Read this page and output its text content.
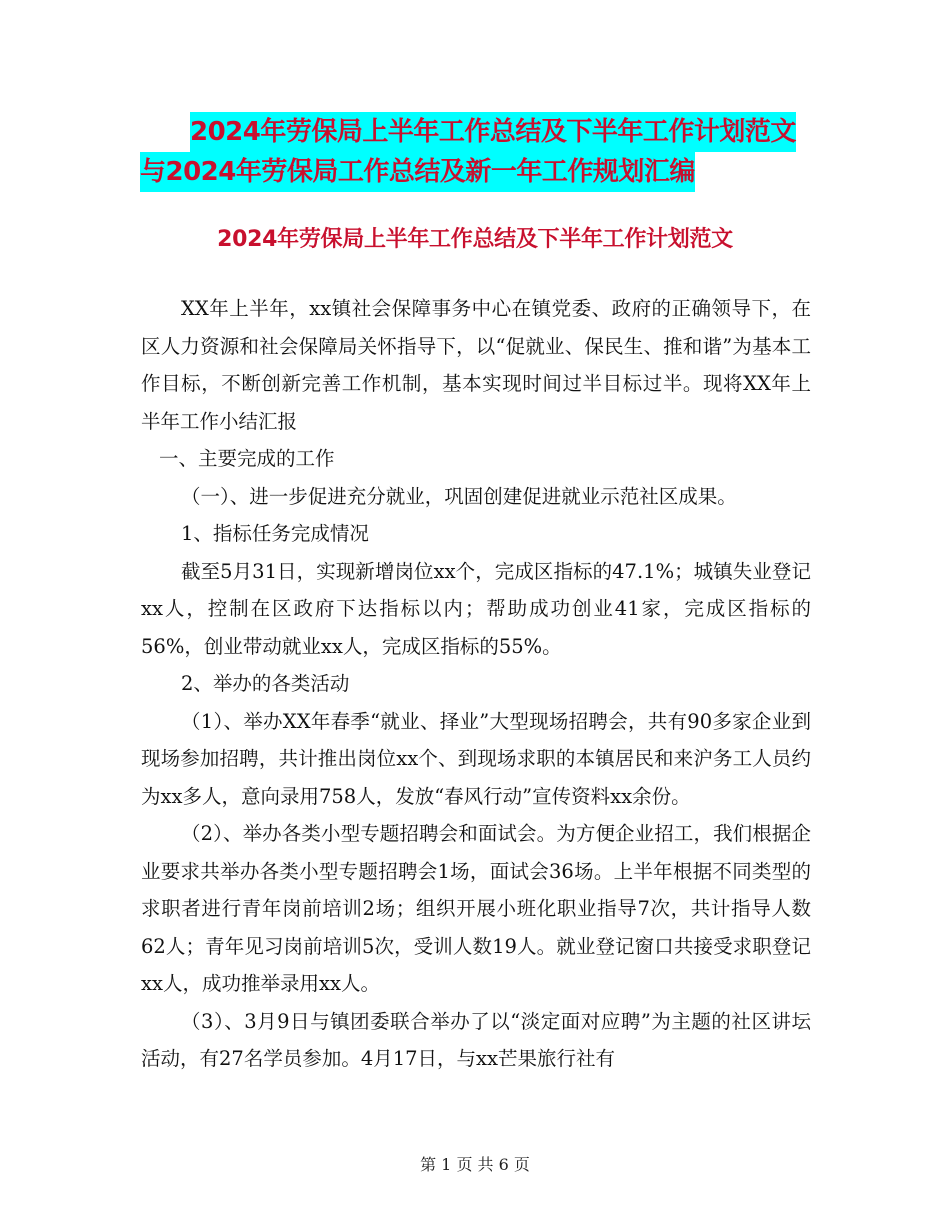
2024年劳保局上半年工作总结及下半年工作计划范文
与2024年劳保局工作总结及新一年工作规划汇编
2024年劳保局上半年工作总结及下半年工作计划范文

XX年上半年，xx镇社会保障事务中心在镇党委、政府的正确领导下，在区人力资源和社会保障局关怀指导下，以“促就业、保民生、推和谐”为基本工作目标，不断创新完善工作机制，基本实现时间过半目标过半。现将XX年上半年工作小结汇报

一、主要完成的工作

（一）、进一步促进充分就业，巩固创建促进就业示范社区成果。

1、指标任务完成情况

截至5月31日，实现新增岗位xx个，完成区指标的47.1%；城镇失业登记xx人，控制在区政府下达指标以内；帮助成功创业41家，完成区指标的56%，创业带动就业xx人，完成区指标的55%。

2、举办的各类活动

（1）、举办XX年春季“就业、择业”大型现场招聘会，共有90多家企业到现场参加招聘，共计推出岗位xx个、到现场求职的本镇居民和来沪务工人员约为xx多人，意向录用758人，发放“春风行动”宣传资料xx余份。

（2）、举办各类小型专题招聘会和面试会。为方便企业招工，我们根据企业要求共举办各类小型专题招聘会1场，面试会36场。上半年根据不同类型的求职者进行青年岗前培训2场；组织开展小班化职业指导7次，共计指导人数62人；青年见习岗前培训5次，受训人数19人。就业登记窗口共接受求职登记xx人，成功推举录用xx人。

（3）、3月9日与镇团委联合举办了以“淡定面对应聘”为主题的社区讲坛活动，有27名学员参加。4月17日，与xx芒果旅行社有

第 1 页 共 6 页
